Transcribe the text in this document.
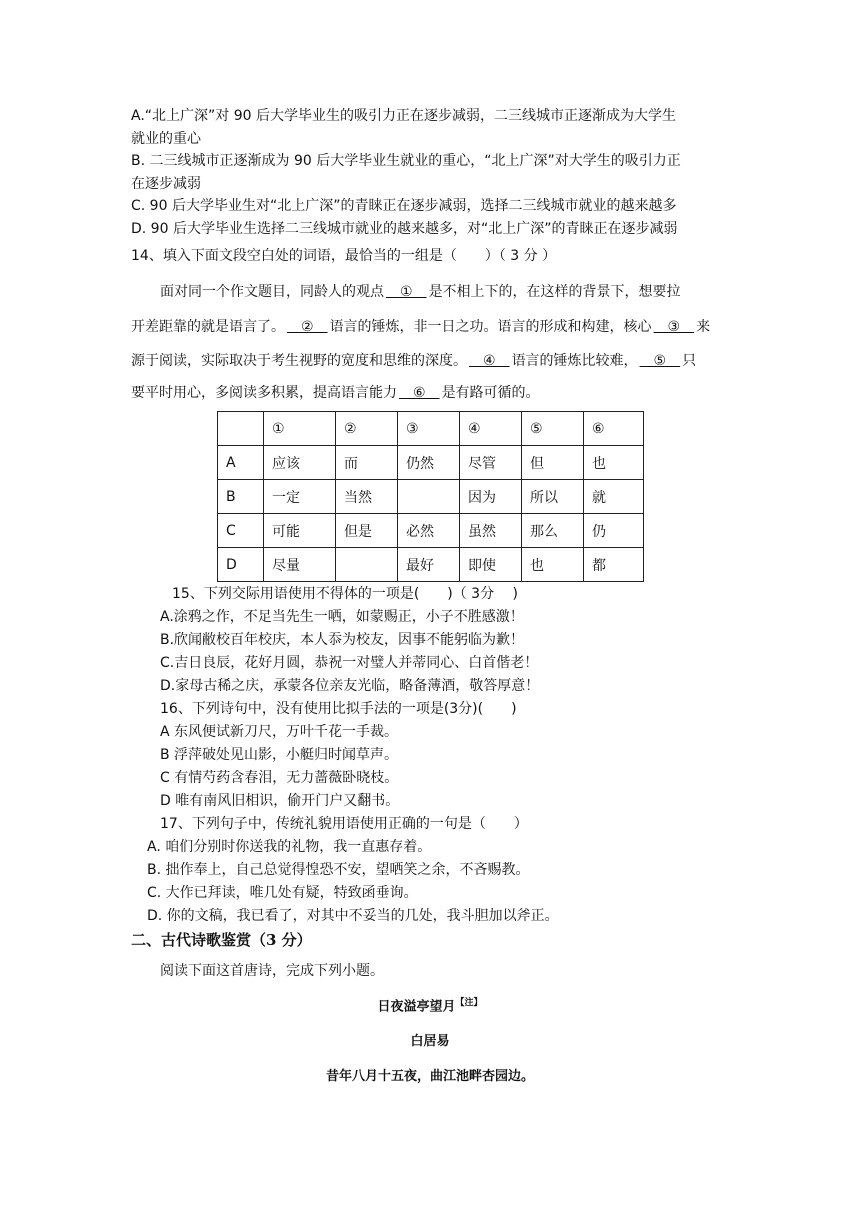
A.“北上广深”对 90 后大学毕业生的吸引力正在逐步减弱，二三线城市正逐渐成为大学生
就业的重心
B. 二三线城市正逐渐成为 90 后大学毕业生就业的重心，“北上广深”对大学生的吸引力正
在逐步减弱
C. 90 后大学毕业生对“北上广深”的青睐正在逐步减弱，选择二三线城市就业的越来越多
D. 90 后大学毕业生选择二三线城市就业的越来越多，对“北上广深”的青睐正在逐步减弱
14、填入下面文段空白处的词语，最恰当的一组是（　　）（ 3 分 ）
面对同一个作文题目，同龄人的观点　①　是不相上下的，在这样的背景下，想要拉
开差距靠的就是语言了。　②　语言的锤炼，非一日之功。语言的形成和构建，核心　③　来
源于阅读，实际取决于考生视野的宽度和思维的深度。　④　语言的锤炼比较难，　⑤　只
要平时用心，多阅读多积累，提高语言能力　⑥　是有路可循的。
	①	②	③	④	⑤	⑥
A	应该	而	仍然	尽管	但	也
B	一定	当然		因为	所以	就
C	可能	但是	必然	虽然	那么	仍
D	尽量		最好	即使	也	都
15、下列交际用语使用不得体的一项是(　　)（ 3分　 )
A.涂鸦之作，不足当先生一哂，如蒙赐正，小子不胜感激！
B.欣闻敝校百年校庆，本人忝为校友，因事不能躬临为歉！
C.吉日良辰，花好月圆，恭祝一对璧人并蒂同心、白首偕老！
D.家母古稀之庆，承蒙各位亲友光临，略备薄酒，敬答厚意！
16、下列诗句中，没有使用比拟手法的一项是(3分)(　　)
A 东风便试新刀尺，万叶千花一手裁。
B 浮萍破处见山影，小艇归时闻草声。
C 有情芍药含春泪，无力蔷薇卧晓枝。
D 唯有南风旧相识，偷开门户又翻书。
17、下列句子中，传统礼貌用语使用正确的一句是（　　）
A. 咱们分别时你送我的礼物，我一直惠存着。
B. 拙作奉上，自己总觉得惶恐不安，望哂笑之余，不吝赐教。
C. 大作已拜读，唯几处有疑，特致函垂询。
D. 你的文稿，我已看了，对其中不妥当的几处，我斗胆加以斧正。
二、古代诗歌鉴赏（3 分）
阅读下面这首唐诗，完成下列小题。
日夜溢亭望月$^{【注】}$
白居易
昔年八月十五夜，曲江池畔杏园边。
